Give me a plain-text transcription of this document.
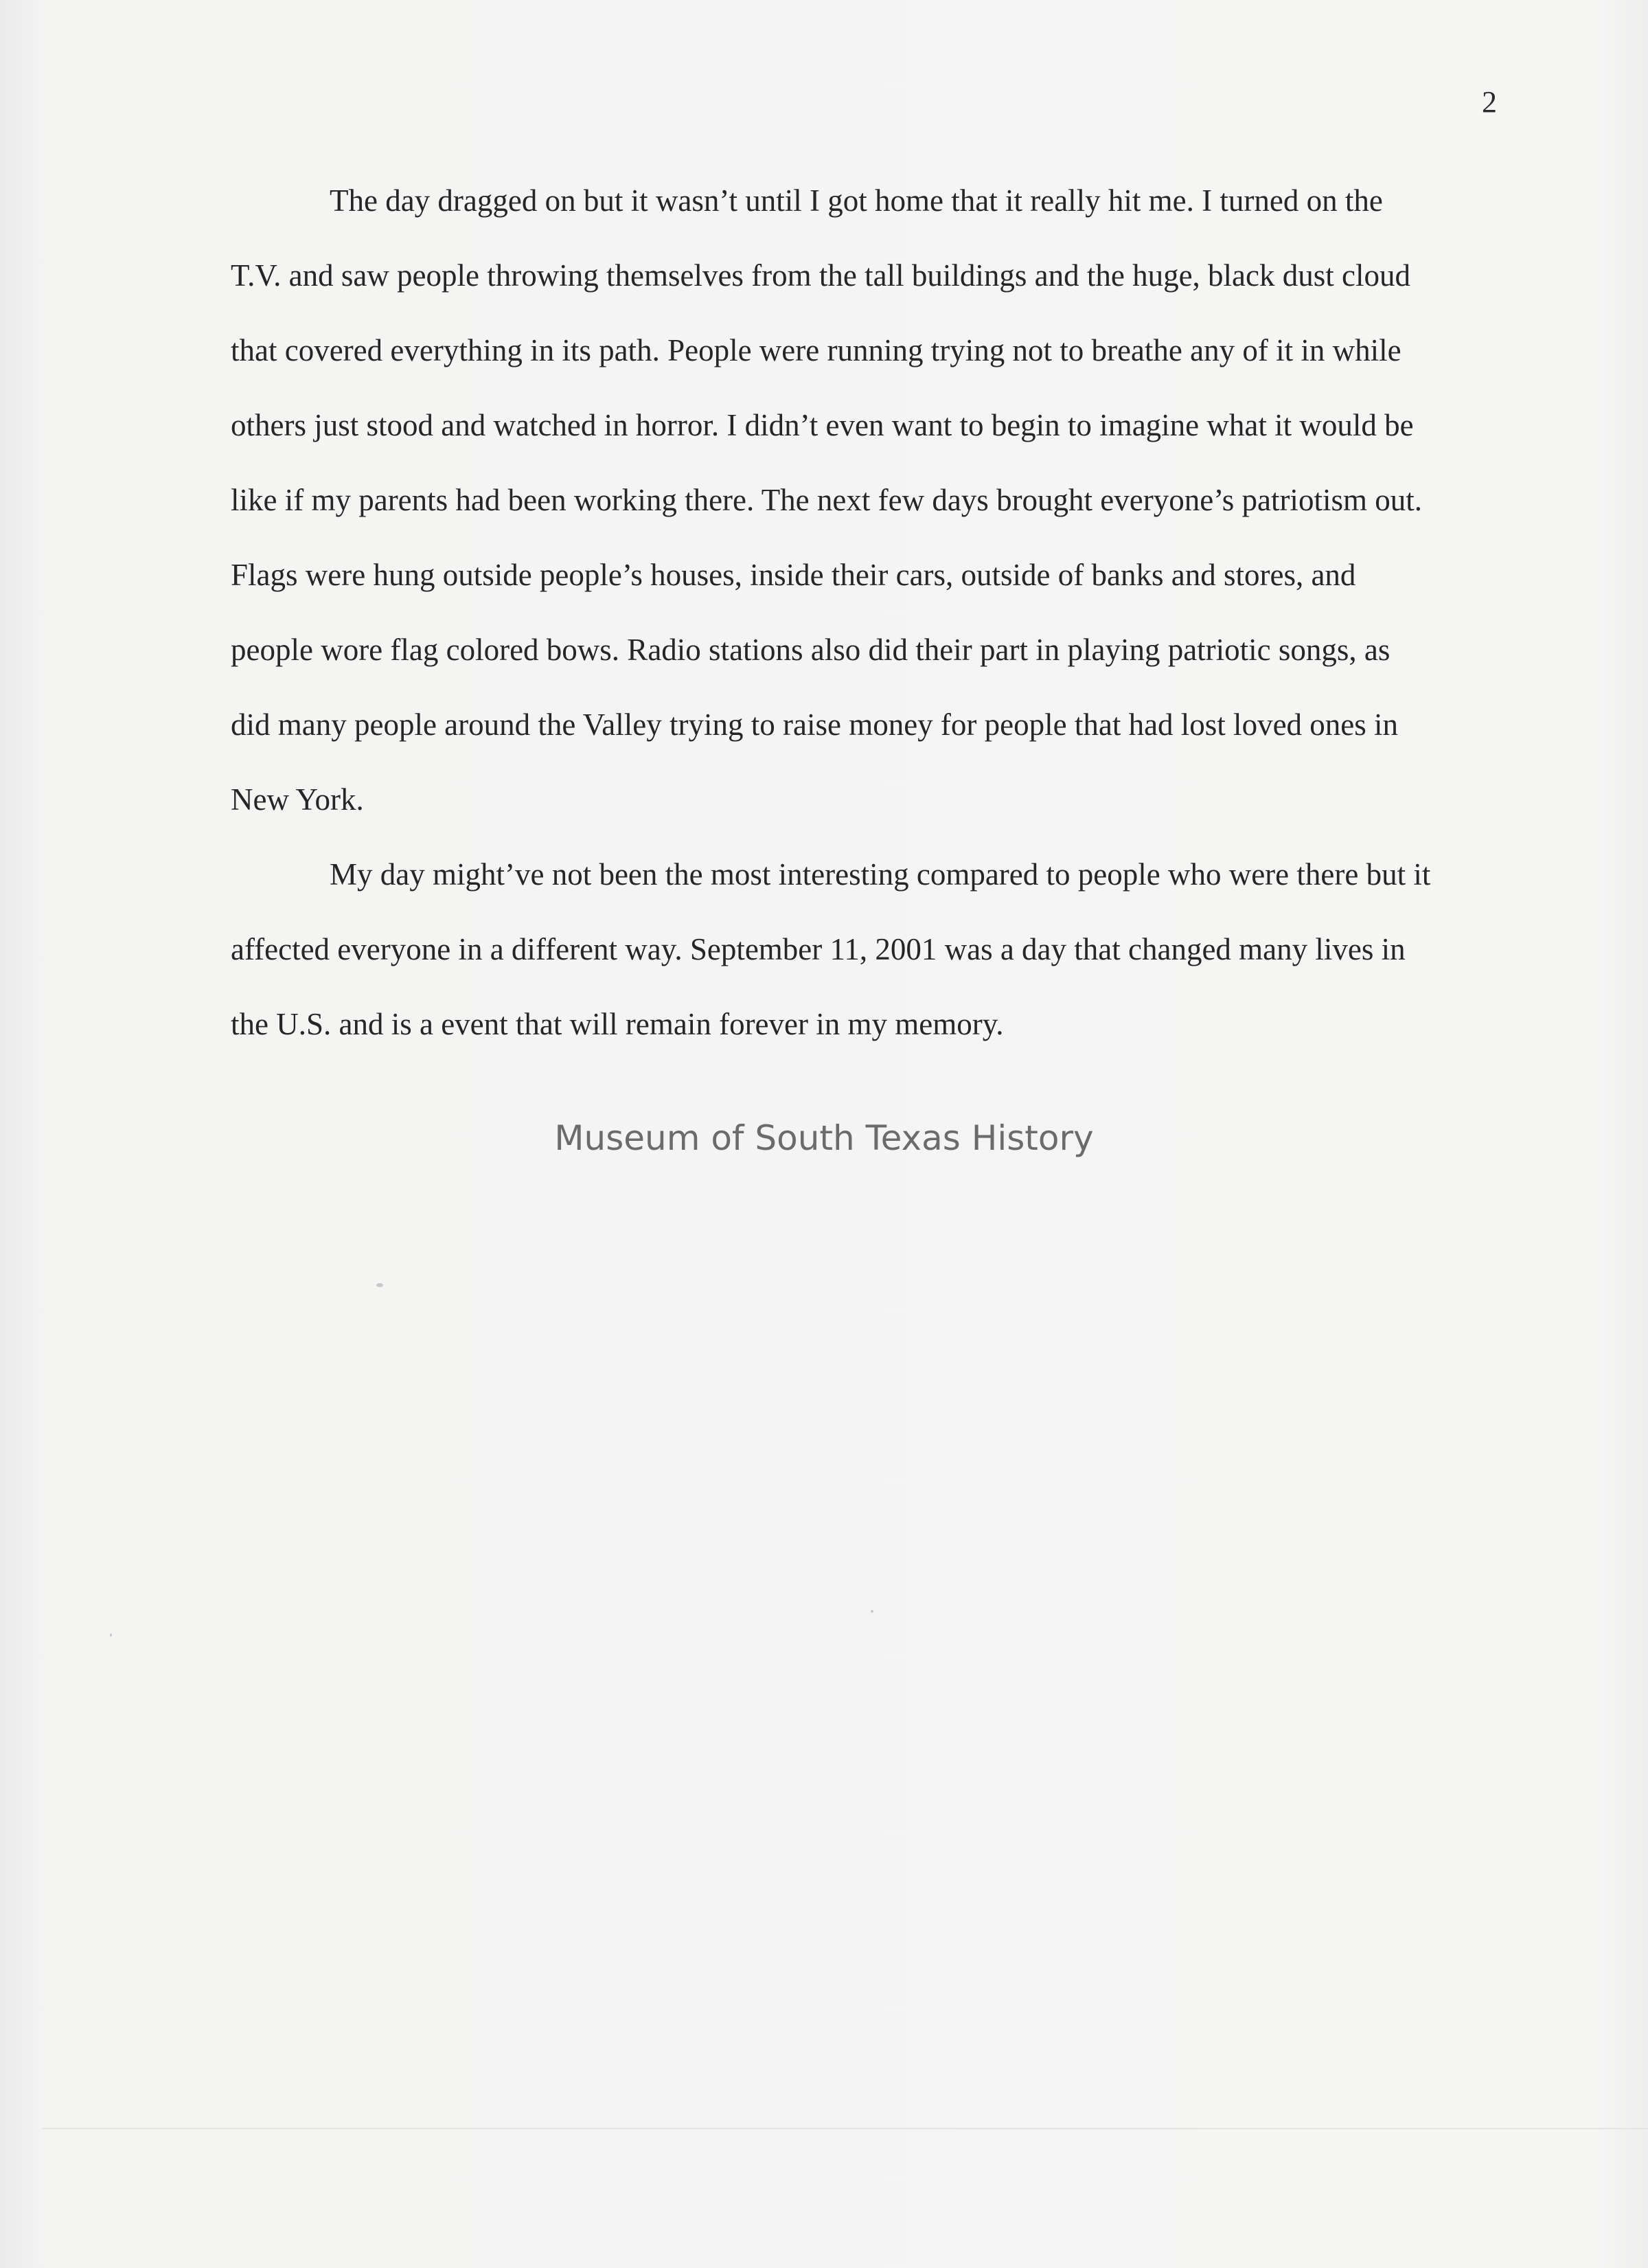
2
The day dragged on but it wasn’t until I got home that it really hit me. I turned on the
T.V. and saw people throwing themselves from the tall buildings and the huge, black dust cloud
that covered everything in its path. People were running trying not to breathe any of it in while
others just stood and watched in horror. I didn’t even want to begin to imagine what it would be
like if my parents had been working there. The next few days brought everyone’s patriotism out.
Flags were hung outside people’s houses, inside their cars, outside of banks and stores, and
people wore flag colored bows. Radio stations also did their part in playing patriotic songs, as
did many people around the Valley trying to raise money for people that had lost loved ones in
New York.
My day might’ve not been the most interesting compared to people who were there but it
affected everyone in a different way. September 11, 2001 was a day that changed many lives in
the U.S. and is a event that will remain forever in my memory.
Museum of South Texas History
